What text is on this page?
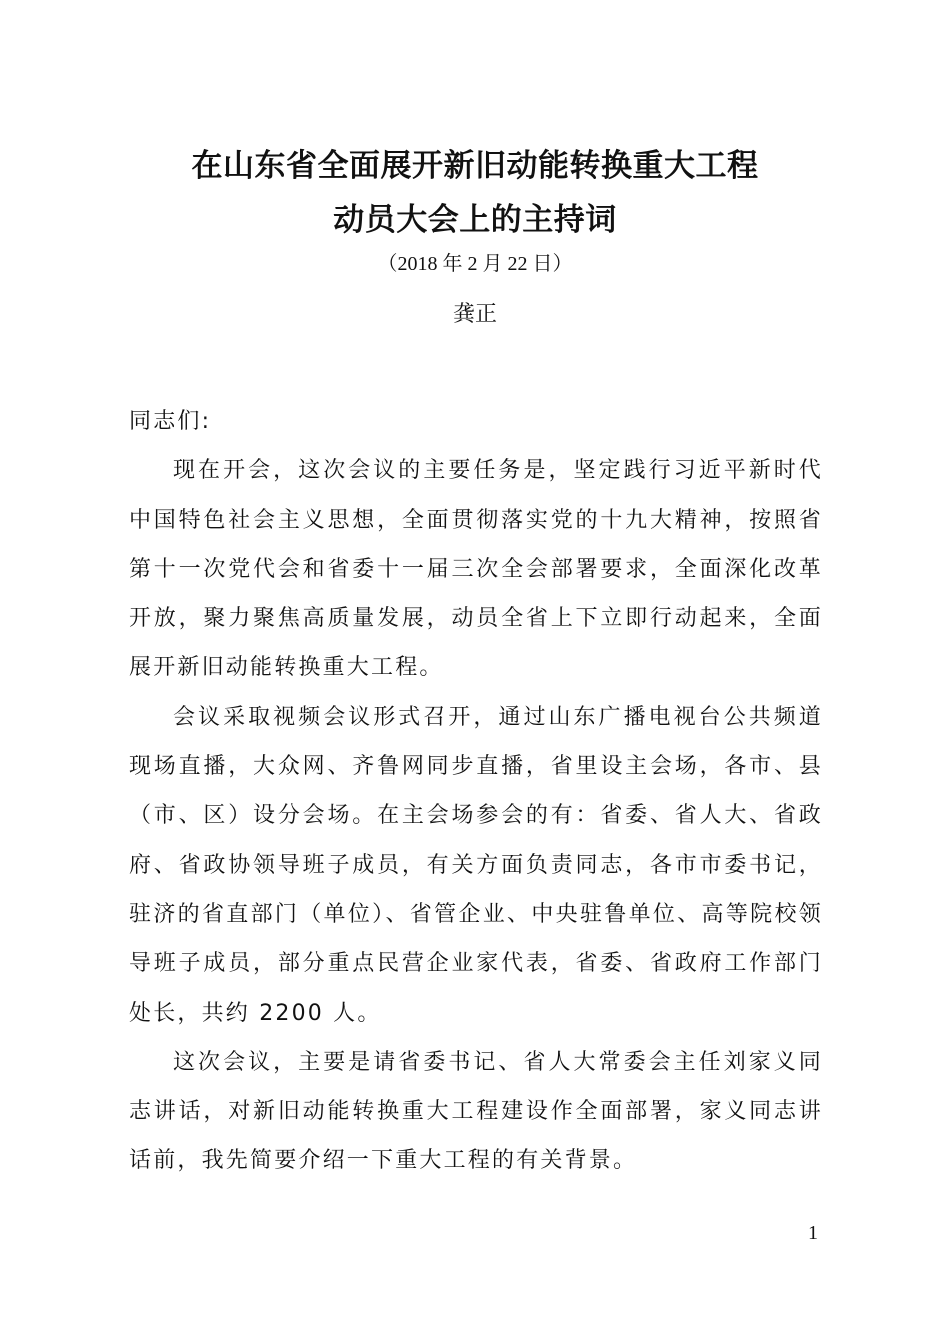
在山东省全面展开新旧动能转换重大工程
动员大会上的主持词
（2018 年 2 月 22 日）
龚正

同志们:

现在开会，这次会议的主要任务是，坚定践行习近平新时代中国特色社会主义思想，全面贯彻落实党的十九大精神，按照省第十一次党代会和省委十一届三次全会部署要求，全面深化改革开放，聚力聚焦高质量发展，动员全省上下立即行动起来，全面展开新旧动能转换重大工程。

会议采取视频会议形式召开，通过山东广播电视台公共频道现场直播，大众网、齐鲁网同步直播，省里设主会场，各市、县（市、区）设分会场。在主会场参会的有：省委、省人大、省政府、省政协领导班子成员，有关方面负责同志，各市市委书记，驻济的省直部门（单位）、省管企业、中央驻鲁单位、高等院校领导班子成员，部分重点民营企业家代表，省委、省政府工作部门处长，共约 2200 人。

这次会议，主要是请省委书记、省人大常委会主任刘家义同志讲话，对新旧动能转换重大工程建设作全面部署，家义同志讲话前，我先简要介绍一下重大工程的有关背景。

1
